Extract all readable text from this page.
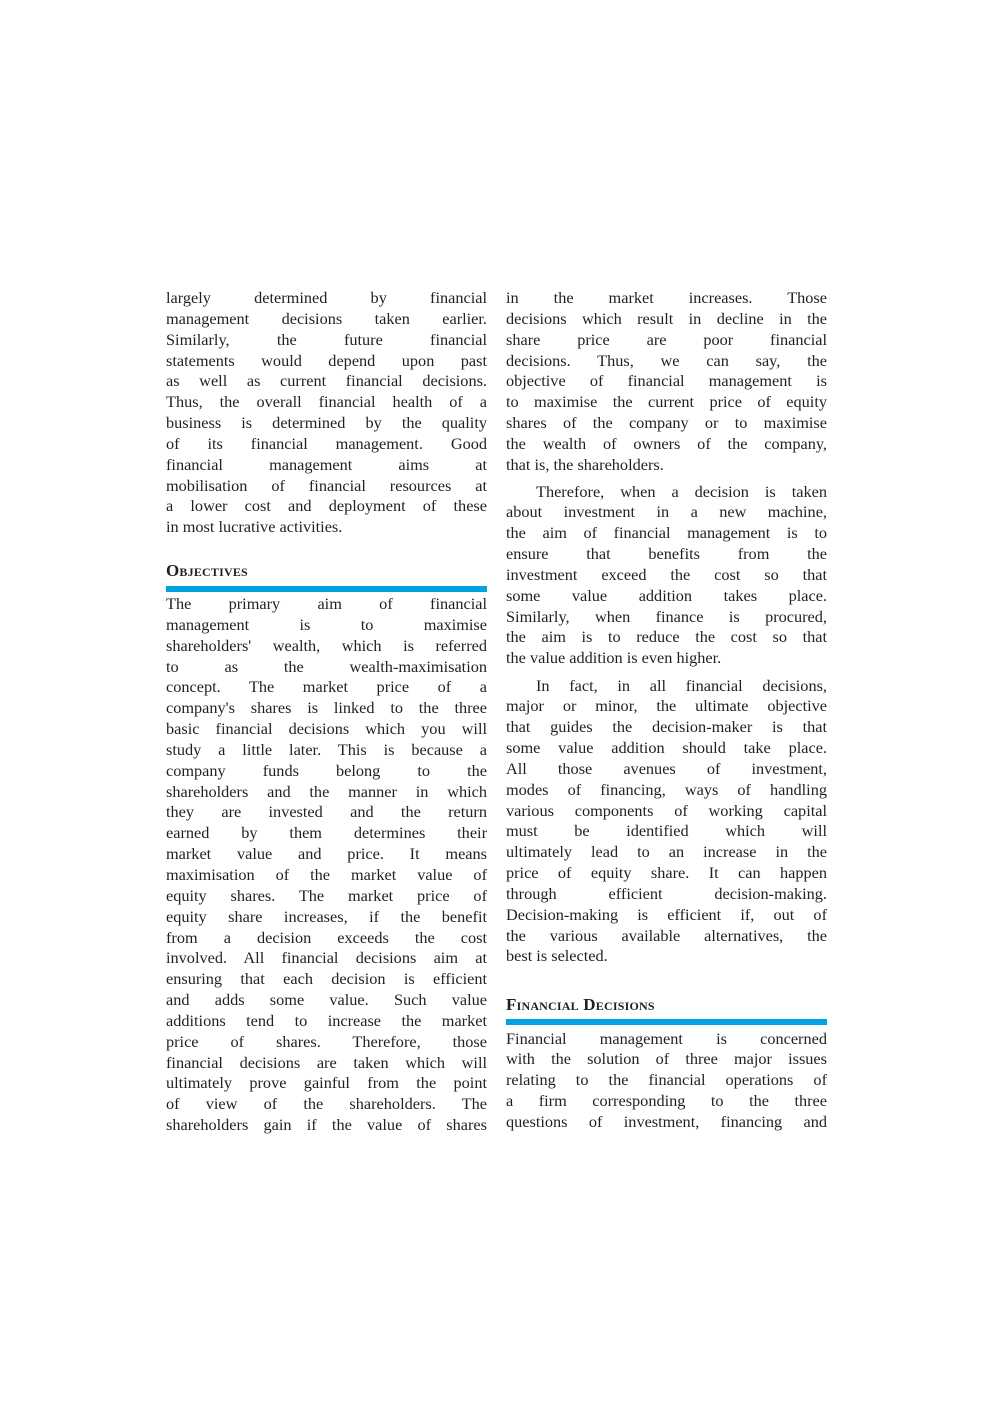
largely determined by financial
management decisions taken earlier.
Similarly, the future financial
statements would depend upon past
as well as current financial decisions.
Thus, the overall financial health of a
business is determined by the quality
of its financial management. Good
financial management aims at
mobilisation of financial resources at
a lower cost and deployment of these
in most lucrative activities.
Objectives
The primary aim of financial
management is to maximise
shareholders' wealth, which is referred
to as the wealth-maximisation
concept. The market price of a
company's shares is linked to the three
basic financial decisions which you will
study a little later. This is because a
company funds belong to the
shareholders and the manner in which
they are invested and the return
earned by them determines their
market value and price. It means
maximisation of the market value of
equity shares. The market price of
equity share increases, if the benefit
from a decision exceeds the cost
involved. All financial decisions aim at
ensuring that each decision is efficient
and adds some value. Such value
additions tend to increase the market
price of shares. Therefore, those
financial decisions are taken which will
ultimately prove gainful from the point
of view of the shareholders. The
shareholders gain if the value of shares
in the market increases. Those
decisions which result in decline in the
share price are poor financial
decisions. Thus, we can say, the
objective of financial management is
to maximise the current price of equity
shares of the company or to maximise
the wealth of owners of the company,
that is, the shareholders.
Therefore, when a decision is taken
about investment in a new machine,
the aim of financial management is to
ensure that benefits from the
investment exceed the cost so that
some value addition takes place.
Similarly, when finance is procured,
the aim is to reduce the cost so that
the value addition is even higher.
In fact, in all financial decisions,
major or minor, the ultimate objective
that guides the decision-maker is that
some value addition should take place.
All those avenues of investment,
modes of financing, ways of handling
various components of working capital
must be identified which will
ultimately lead to an increase in the
price of equity share. It can happen
through efficient decision-making.
Decision-making is efficient if, out of
the various available alternatives, the
best is selected.
Financial Decisions
Financial management is concerned
with the solution of three major issues
relating to the financial operations of
a firm corresponding to the three
questions of investment, financing and
